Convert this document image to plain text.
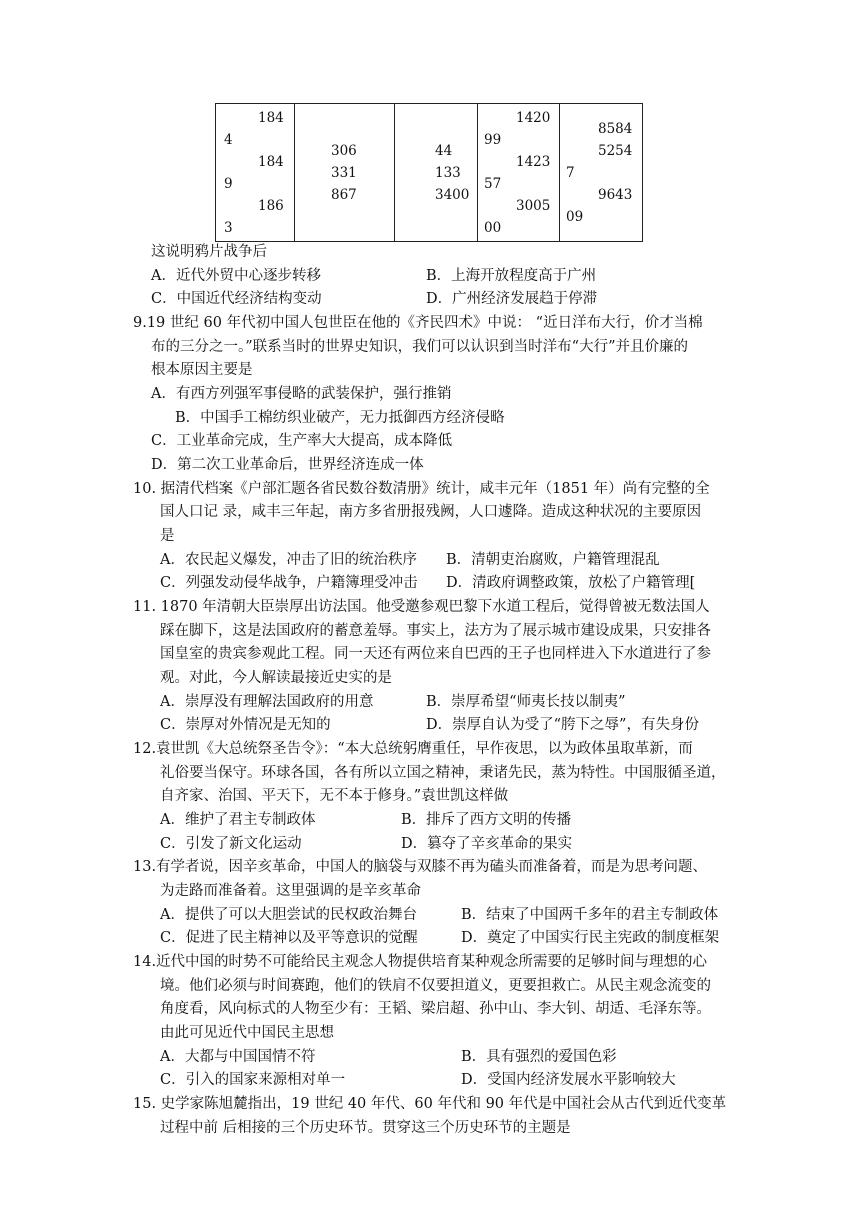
184
4
184
9
186
3

306
331
867

44
133
3400

1420
99
1423
57
3005
00

8584
5254
7
9643
09
这说明鸦片战争后
A．近代外贸中心逐步转移	B．上海开放程度高于广州
C．中国近代经济结构变动	D．广州经济发展趋于停滞
9.19 世纪 60 年代初中国人包世臣在他的《齐民四术》中说： “近日洋布大行，价才当棉
布的三分之一。”联系当时的世界史知识，我们可以认识到当时洋布“大行”并且价廉的
根本原因主要是
A．有西方列强军事侵略的武装保护，强行推销
B．中国手工棉纺织业破产，无力抵御西方经济侵略
C．工业革命完成，生产率大大提高，成本降低
D．第二次工业革命后，世界经济连成一体
10. 据清代档案《户部汇题各省民数谷数清册》统计，咸丰元年（1851 年）尚有完整的全
国人口记 录，咸丰三年起，南方多省册报残阙，人口遽降。造成这种状况的主要原因
是
A．农民起义爆发，冲击了旧的统治秩序 B．清朝吏治腐败，户籍管理混乱
C．列强发动侵华战争，户籍簿理受冲击 D．清政府调整政策，放松了户籍管理[
11. 1870 年清朝大臣崇厚出访法国。他受邀参观巴黎下水道工程后，觉得曾被无数法国人
踩在脚下，这是法国政府的蓄意羞辱。事实上，法方为了展示城市建设成果，只安排各
国皇室的贵宾参观此工程。同一天还有两位来自巴西的王子也同样进入下水道进行了参
观。对此，今人解读最接近史实的是
A．崇厚没有理解法国政府的用意	B．崇厚希望“师夷长技以制夷”
C．崇厚对外情况是无知的	D．崇厚自认为受了“胯下之辱”，有失身份
12.袁世凯《大总统祭圣告令》：“本大总统躬膺重任，早作夜思，以为政体虽取革新，而
礼俗要当保守。环球各国，各有所以立国之精神，秉诸先民，蒸为特性。中国服循圣道，
自齐家、治国、平天下，无不本于修身。”袁世凯这样做
A．维护了君主专制政体	B．排斥了西方文明的传播
C．引发了新文化运动	D．篡夺了辛亥革命的果实
13.有学者说，因辛亥革命，中国人的脑袋与双膝不再为磕头而准备着，而是为思考问题、
为走路而准备着。这里强调的是辛亥革命
A．提供了可以大胆尝试的民权政治舞台	B．结束了中国两千多年的君主专制政体
C．促进了民主精神以及平等意识的觉醒	D．奠定了中国实行民主宪政的制度框架
14.近代中国的时势不可能给民主观念人物提供培育某种观念所需要的足够时间与理想的心
境。他们必须与时间赛跑，他们的铁肩不仅要担道义，更要担救亡。从民主观念流变的
角度看，风向标式的人物至少有：王韬、梁启超、孙中山、李大钊、胡适、毛泽东等。
由此可见近代中国民主思想
A．大都与中国国情不符	B．具有强烈的爱国色彩
C．引入的国家来源相对单一	D．受国内经济发展水平影响较大
15. 史学家陈旭麓指出，19 世纪 40 年代、60 年代和 90 年代是中国社会从古代到近代变革
过程中前 后相接的三个历史环节。贯穿这三个历史环节的主题是
